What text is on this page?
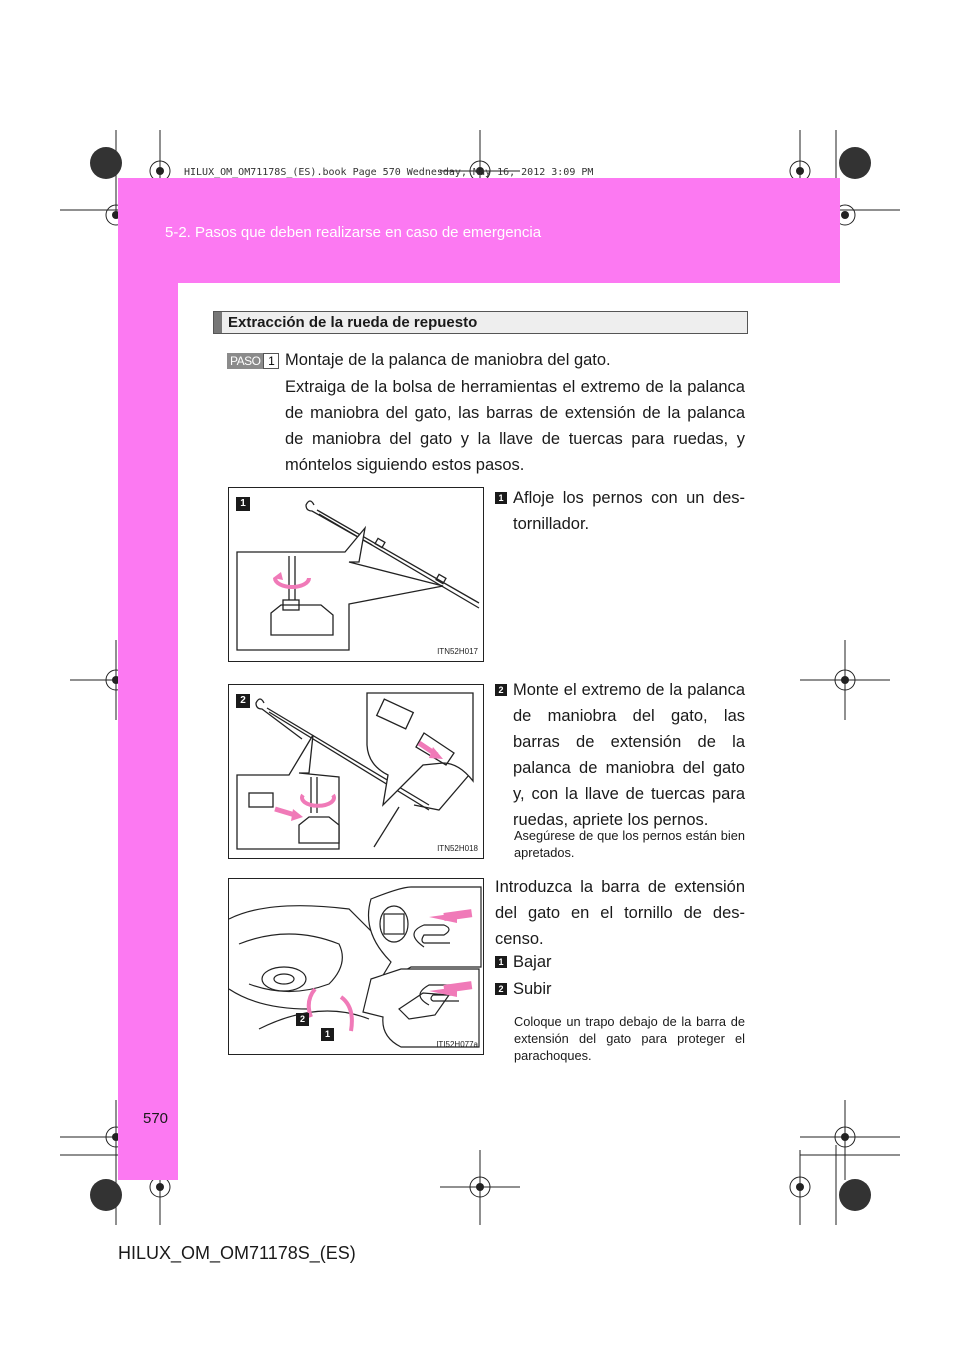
HILUX_OM_OM71178S_(ES).book Page 570 Wednesday, May 16, 2012 3:09 PM
5-2. Pasos que deben realizarse en caso de emergencia
Extracción de la rueda de repuesto
PASO 1 Montaje de la palanca de maniobra del gato.
Extraiga de la bolsa de herramientas el extremo de la palanca de maniobra del gato, las barras de extensión de la palanca de maniobra del gato y la llave de tuercas para ruedas, y móntelos siguiendo estos pasos.
1
ITN52H017
1 Afloje los pernos con un des-tornillador.
2
ITN52H018
2 Monte el extremo de la palanca de maniobra del gato, las barras de extensión de la palanca de maniobra del gato y, con la llave de tuercas para ruedas, apriete los pernos.
Asegúrese de que los pernos están bien apretados.
2
1
ITI52H077a
Introduzca la barra de extensión del gato en el tornillo de des-censo.
1 Bajar
2 Subir
Coloque un trapo debajo de la barra de extensión del gato para proteger el parachoques.
570
HILUX_OM_OM71178S_(ES)
